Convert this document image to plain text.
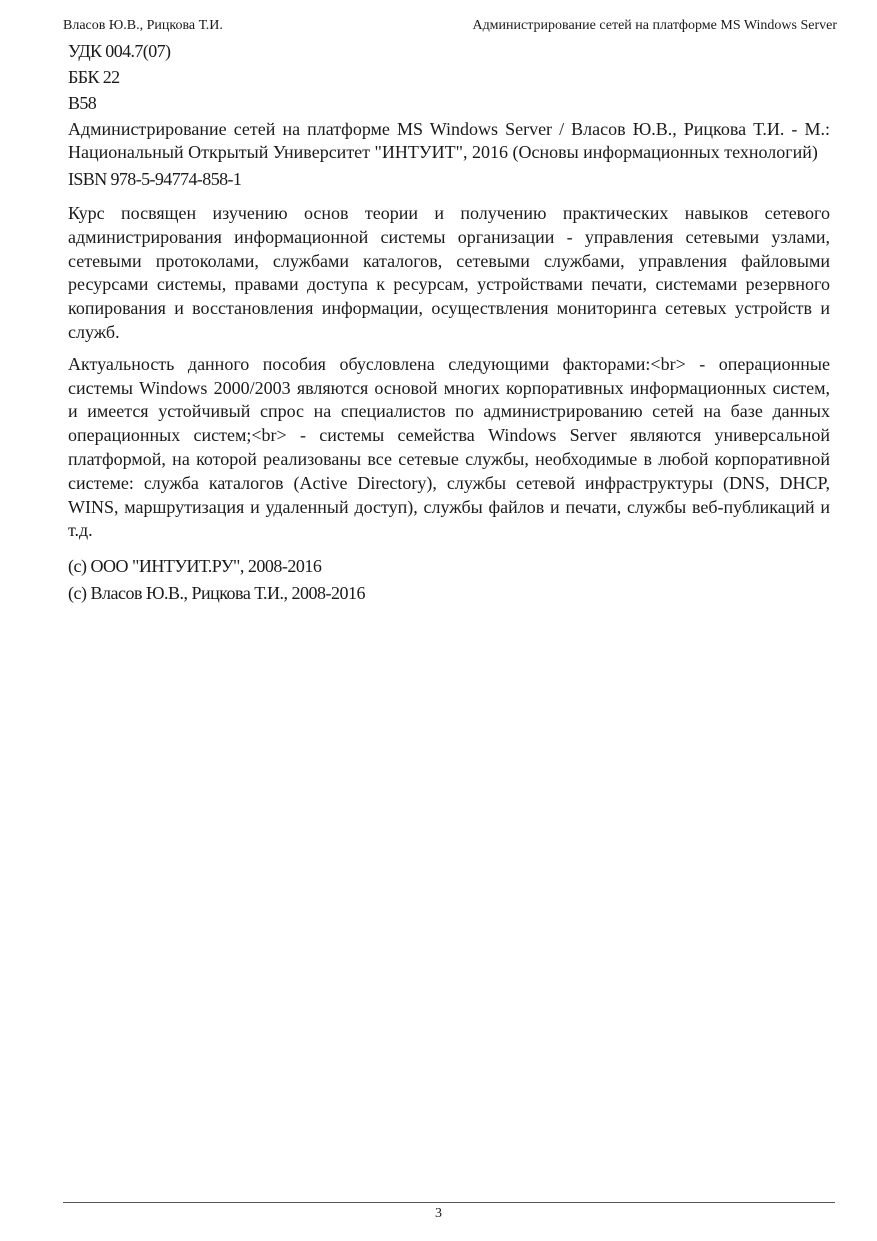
Власов Ю.В., Рицкова Т.И.	Администрирование сетей на платформе MS Windows Server

УДК 004.7(07)

ББК 22

В58

Администрирование сетей на платформе MS Windows Server / Власов Ю.В., Рицкова Т.И. - М.: Национальный Открытый Университет "ИНТУИТ", 2016 (Основы информационных технологий)

ISBN 978-5-94774-858-1

Курс посвящен изучению основ теории и получению практических навыков сетевого администрирования информационной системы организации - управления сетевыми узлами, сетевыми протоколами, службами каталогов, сетевыми службами, управления файловыми ресурсами системы, правами доступа к ресурсам, устройствами печати, системами резервного копирования и восстановления информации, осуществления мониторинга сетевых устройств и служб.

Актуальность данного пособия обусловлена следующими факторами:<br> - операционные системы Windows 2000/2003 являются основой многих корпоративных информационных систем, и имеется устойчивый спрос на специалистов по администрированию сетей на базе данных операционных систем;<br> - системы семейства Windows Server являются универсальной платформой, на которой реализованы все сетевые службы, необходимые в любой корпоративной системе: служба каталогов (Active Directory), службы сетевой инфраструктуры (DNS, DHCP, WINS, маршрутизация и удаленный доступ), службы файлов и печати, службы веб-публикаций и т.д.

(c) ООО "ИНТУИТ.РУ", 2008-2016

(c) Власов Ю.В., Рицкова Т.И., 2008-2016

3
